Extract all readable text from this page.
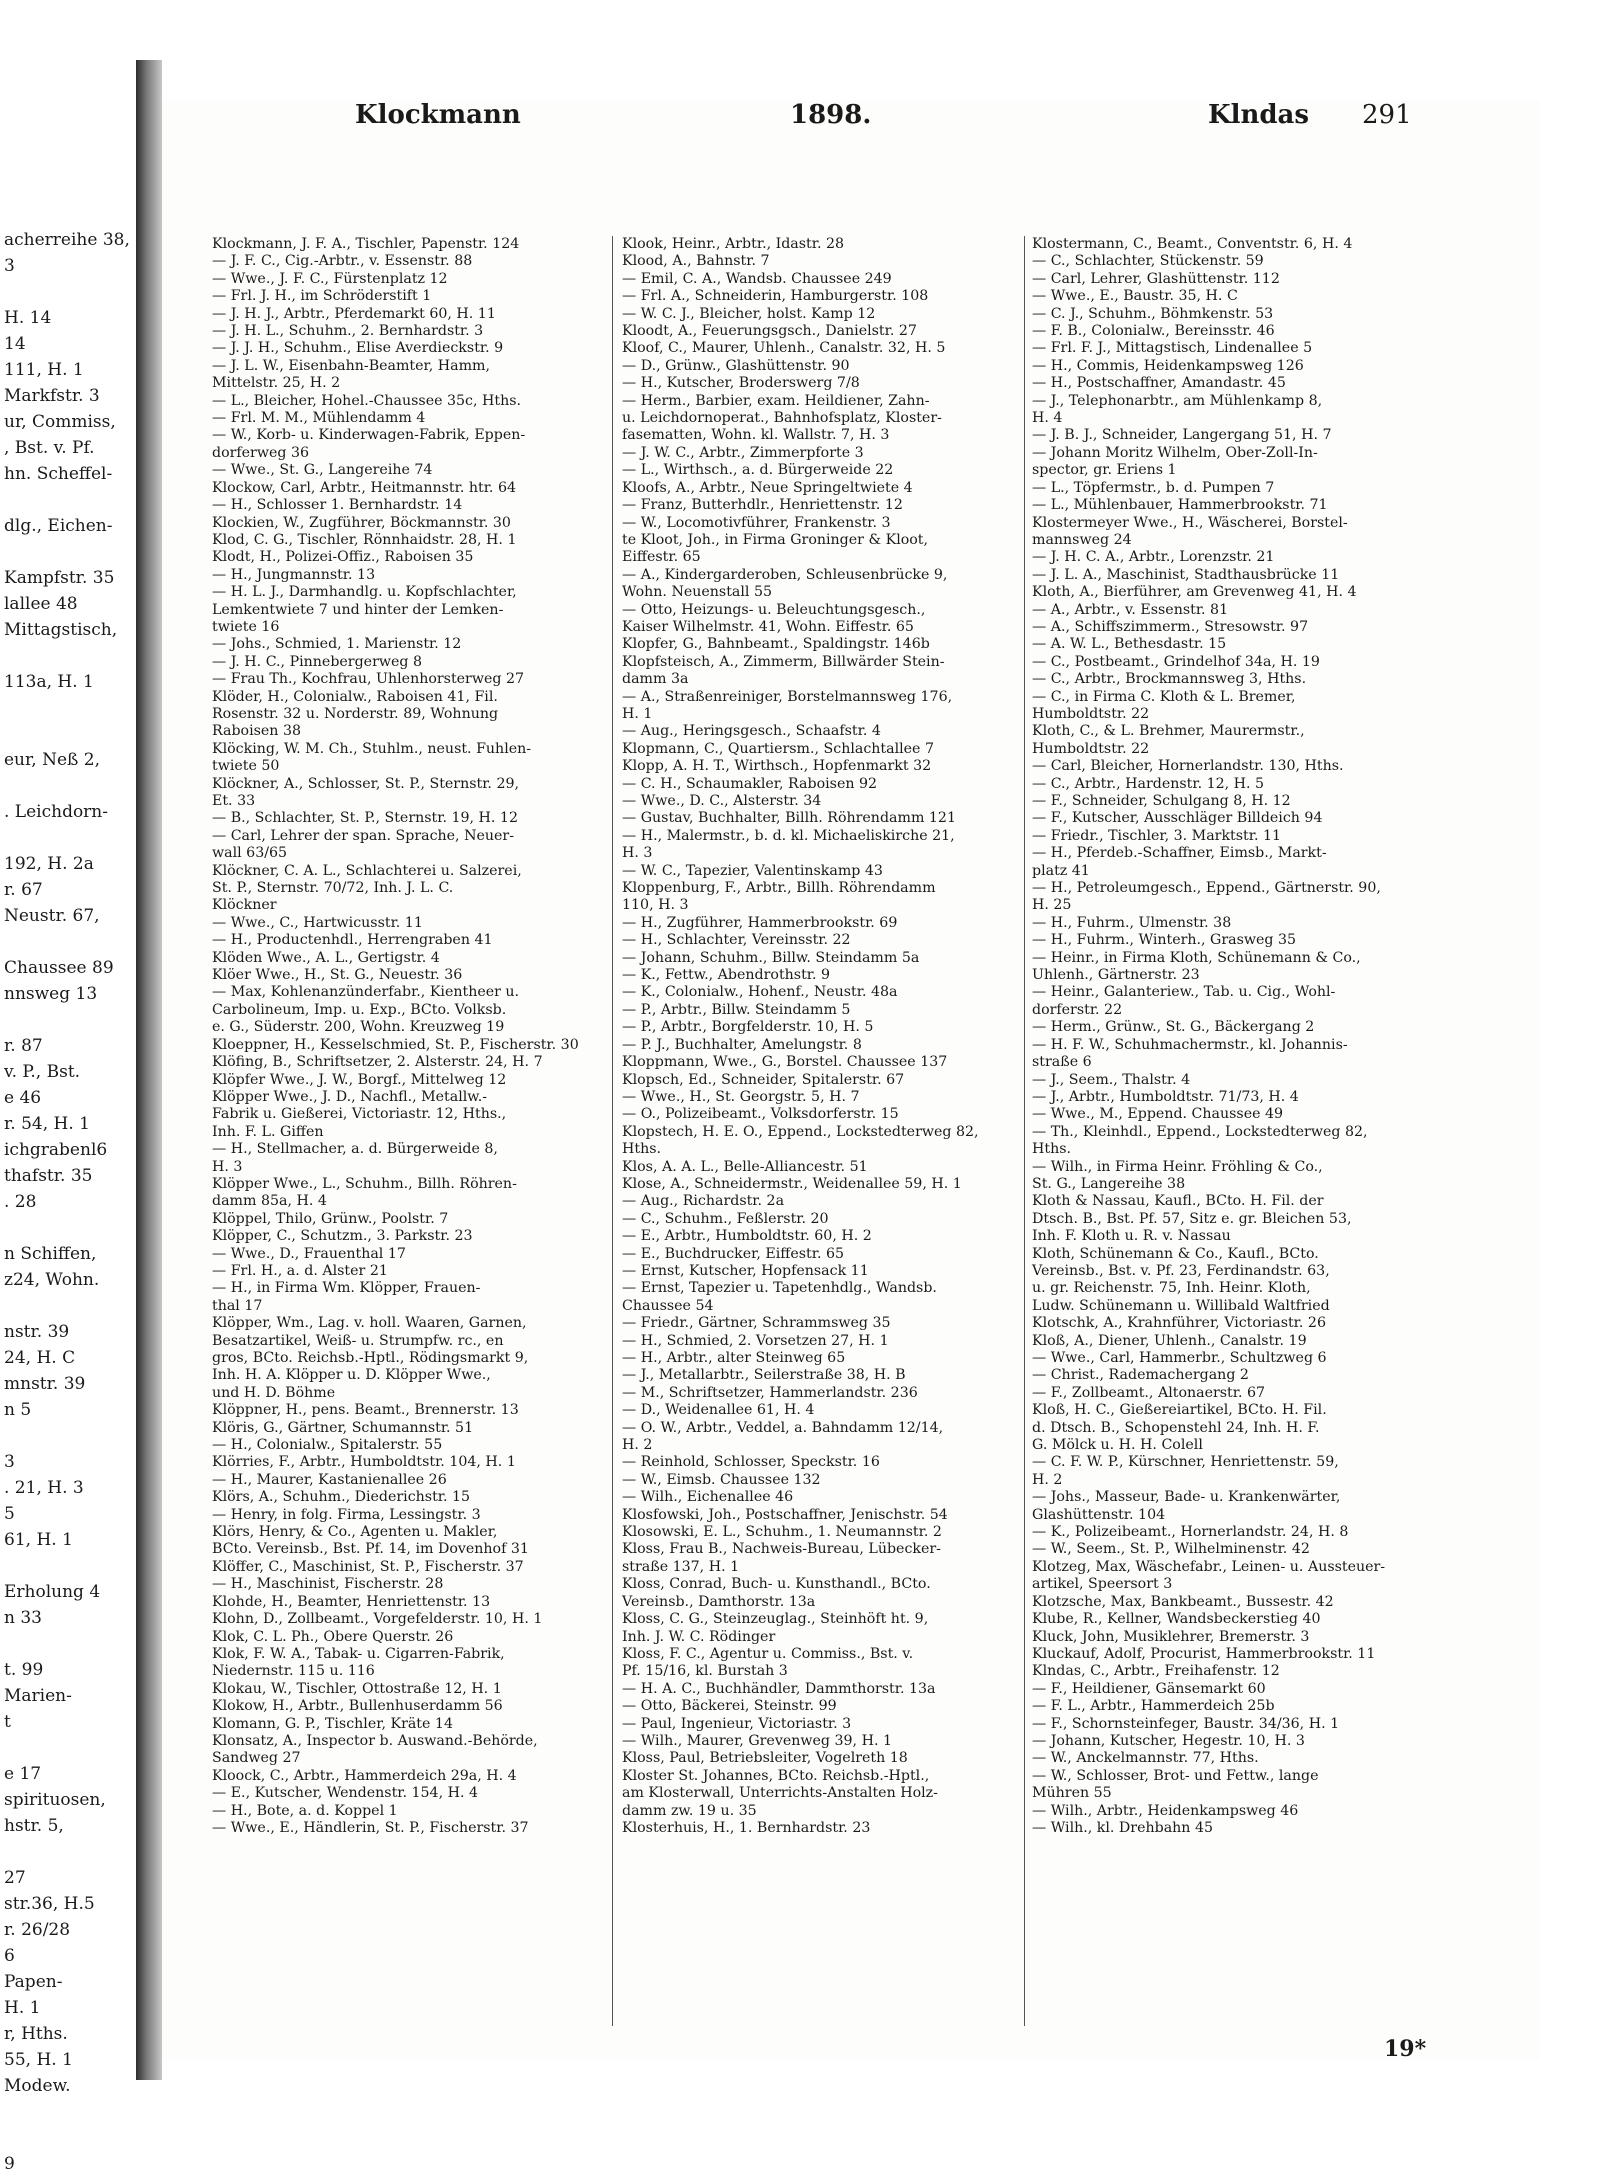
acherreihe 38,
3
H. 14
14
111, H. 1
Markfstr. 3
ur, Commiss,
, Bst. v. Pf.
hn. Scheffel-
dlg., Eichen-
Kampfstr. 35
lallee 48
Mittagstisch,
113a, H. 1
eur, Neß 2,
. Leichdorn-
192, H. 2a
r. 67
Neustr. 67,
Chaussee 89
nnsweg 13
r. 87
v. P., Bst.
e 46
r. 54, H. 1
ichgrabenl6
thafstr. 35
. 28
n Schiffen,
z24, Wohn.
nstr. 39
24, H. C
mnstr. 39
n 5
3
. 21, H. 3
5
61, H. 1
Erholung 4
n 33
t. 99
Marien-
t
e 17
spirituosen,
hstr. 5,
27
str.36, H.5
r. 26/28
6
Papen-
H. 1
r, Hths.
55, H. 1
Modew.
9
Klockmann	1898.	Klndas 291
Klockmann, J. F. A., Tischler, Papenstr. 124
— J. F. C., Cig.-Arbtr., v. Essenstr. 88
— Wwe., J. F. C., Fürstenplatz 12
— Frl. J. H., im Schröderstift 1
— J. H. J., Arbtr., Pferdemarkt 60, H. 11
— J. H. L., Schuhm., 2. Bernhardstr. 3
— J. J. H., Schuhm., Elise Averdieckstr. 9
— J. L. W., Eisenbahn-Beamter, Hamm,
Mittelstr. 25, H. 2
— L., Bleicher, Hohel.-Chaussee 35c, Hths.
— Frl. M. M., Mühlendamm 4
— W., Korb- u. Kinderwagen-Fabrik, Eppen-
dorferweg 36
— Wwe., St. G., Langereihe 74
Klockow, Carl, Arbtr., Heitmannstr. htr. 64
— H., Schlosser 1. Bernhardstr. 14
Klockien, W., Zugführer, Böckmannstr. 30
Klod, C. G., Tischler, Rönnhaidstr. 28, H. 1
Klodt, H., Polizei-Offiz., Raboisen 35
— H., Jungmannstr. 13
— H. L. J., Darmhandlg. u. Kopfschlachter,
Lemkentwiete 7 und hinter der Lemken-
twiete 16
— Johs., Schmied, 1. Marienstr. 12
— J. H. C., Pinnebergerweg 8
— Frau Th., Kochfrau, Uhlenhorsterweg 27
Klöder, H., Colonialw., Raboisen 41, Fil.
Rosenstr. 32 u. Norderstr. 89, Wohnung
Raboisen 38
Klöcking, W. M. Ch., Stuhlm., neust. Fuhlen-
twiete 50
Klöckner, A., Schlosser, St. P., Sternstr. 29,
Et. 33
— B., Schlachter, St. P., Sternstr. 19, H. 12
— Carl, Lehrer der span. Sprache, Neuer-
wall 63/65
Klöckner, C. A. L., Schlachterei u. Salzerei,
St. P., Sternstr. 70/72, Inh. J. L. C.
Klöckner
— Wwe., C., Hartwicusstr. 11
— H., Productenhdl., Herrengraben 41
Klöden Wwe., A. L., Gertigstr. 4
Klöer Wwe., H., St. G., Neuestr. 36
— Max, Kohlenanzünderfabr., Kienthеer u.
Carbolineum, Imp. u. Exp., BCto. Volksb.
e. G., Süderstr. 200, Wohn. Kreuzweg 19
Kloeppner, H., Kesselschmied, St. P., Fischerstr. 30
Klöfing, B., Schriftsetzer, 2. Alsterstr. 24, H. 7
Klöpfer Wwe., J. W., Borgf., Mittelweg 12
Klöpper Wwe., J. D., Nachfl., Metallw.-
Fabrik u. Gießerei, Victoriastr. 12, Hths.,
Inh. F. L. Giffen
— H., Stellmacher, a. d. Bürgerweide 8,
H. 3
Klöpper Wwe., L., Schuhm., Billh. Röhren-
damm 85a, H. 4
Klöppel, Thilo, Grünw., Poolstr. 7
Klöpper, C., Schutzm., 3. Parkstr. 23
— Wwe., D., Frauenthal 17
— Frl. H., a. d. Alster 21
— H., in Firma Wm. Klöpper, Frauen-
thal 17
Klöpper, Wm., Lag. v. holl. Waaren, Garnen,
Besatzartikel, Weiß- u. Strumpfw. rc., en
gros, BCto. Reichsb.-Hptl., Rödingsmarkt 9,
Inh. H. A. Klöpper u. D. Klöpper Wwe.,
und H. D. Böhme
Klöppner, H., pens. Beamt., Brennerstr. 13
Klöris, G., Gärtner, Schumannstr. 51
— H., Colonialw., Spitalerstr. 55
Klörries, F., Arbtr., Humboldtstr. 104, H. 1
— H., Maurer, Kastanienallee 26
Klörs, A., Schuhm., Diederichstr. 15
— Henry, in folg. Firma, Lessingstr. 3
Klörs, Henry, & Co., Agenten u. Makler,
BCto. Vereinsb., Bst. Pf. 14, im Dovenhof 31
Klöffer, C., Maschinist, St. P., Fischerstr. 37
— H., Maschinist, Fischerstr. 28
Klohde, H., Beamter, Henriettenstr. 13
Klohn, D., Zollbeamt., Vorgefelderstr. 10, H. 1
Klok, C. L. Ph., Obere Querstr. 26
Klok, F. W. A., Tabak- u. Cigarren-Fabrik,
Niedernstr. 115 u. 116
Klokau, W., Tischler, Ottostraße 12, H. 1
Klokow, H., Arbtr., Bullenhuserdamm 56
Klomann, G. P., Tischler, Kräte 14
Klonsatz, A., Inspector b. Auswand.-Behörde,
Sandweg 27
Kloock, C., Arbtr., Hammerdeich 29a, H. 4
— E., Kutscher, Wendenstr. 154, H. 4
— H., Bote, a. d. Koppel 1
— Wwe., E., Händlerin, St. P., Fischerstr. 37
Klook, Heinr., Arbtr., Idastr. 28
Klood, A., Bahnstr. 7
— Emil, C. A., Wandsb. Chaussee 249
— Frl. A., Schneiderin, Hamburgerstr. 108
— W. C. J., Bleicher, holst. Kamp 12
Kloodt, A., Feuerungsgsch., Danielstr. 27
Kloof, C., Maurer, Uhlenh., Canalstr. 32, H. 5
— D., Grünw., Glashüttenstr. 90
— H., Kutscher, Broderswerg 7/8
— Herm., Barbier, exam. Heildiener, Zahn-
u. Leichdornoperat., Bahnhofsplatz, Kloster-
fasematten, Wohn. kl. Wallstr. 7, H. 3
— J. W. C., Arbtr., Zimmerpforte 3
— L., Wirthsch., a. d. Bürgerweide 22
Kloofs, A., Arbtr., Neue Springeltwiete 4
— Franz, Butterhdlr., Henriettenstr. 12
— W., Locomotivführer, Frankenstr. 3
te Kloot, Joh., in Firma Groninger & Kloot,
Eiffestr. 65
— A., Kindergarderoben, Schleusenbrücke 9,
Wohn. Neuenstall 55
— Otto, Heizungs- u. Beleuchtungsgesch.,
Kaiser Wilhelmstr. 41, Wohn. Eiffestr. 65
Klopfer, G., Bahnbeamt., Spaldingstr. 146b
Klopfsteisch, A., Zimmerm, Billwärder Stein-
damm 3a
— A., Straßenreiniger, Borstelmannsweg 176,
H. 1
— Aug., Heringsgesch., Schaafstr. 4
Klopmann, C., Quartiersm., Schlachtallee 7
Klopp, A. H. T., Wirthsch., Hopfenmarkt 32
— C. H., Schaumakler, Raboisen 92
— Wwe., D. C., Alsterstr. 34
— Gustav, Buchhalter, Billh. Röhrendamm 121
— H., Malermstr., b. d. kl. Michaeliskirche 21,
H. 3
— W. C., Tapezier, Valentinskamp 43
Kloppenburg, F., Arbtr., Billh. Röhrendamm
110, H. 3
— H., Zugführer, Hammerbrookstr. 69
— H., Schlachter, Vereinsstr. 22
— Johann, Schuhm., Billw. Steindamm 5a
— K., Fettw., Abendrothstr. 9
— K., Colonialw., Hohenf., Neustr. 48a
— P., Arbtr., Billw. Steindamm 5
— P., Arbtr., Borgfelderstr. 10, H. 5
— P. J., Buchhalter, Amelungstr. 8
Kloppmann, Wwe., G., Borstel. Chaussee 137
Klopsch, Ed., Schneider, Spitalerstr. 67
— Wwe., H., St. Georgstr. 5, H. 7
— O., Polizeibeamt., Volksdorferstr. 15
Klopstech, H. E. O., Eppend., Lockstedterweg 82,
Hths.
Klos, A. A. L., Belle-Alliancestr. 51
Klose, A., Schneidermstr., Weidenallee 59, H. 1
— Aug., Richardstr. 2a
— C., Schuhm., Feßlerstr. 20
— E., Arbtr., Humboldtstr. 60, H. 2
— E., Buchdrucker, Eiffestr. 65
— Ernst, Kutscher, Hopfensack 11
— Ernst, Tapezier u. Tapetenhdlg., Wandsb.
Chaussee 54
— Friedr., Gärtner, Schrammsweg 35
— H., Schmied, 2. Vorsetzen 27, H. 1
— H., Arbtr., alter Steinweg 65
— J., Metallarbtr., Seilerstraße 38, H. B
— M., Schriftsetzer, Hammerlandstr. 236
— D., Weidenallee 61, H. 4
— O. W., Arbtr., Veddel, a. Bahndamm 12/14,
H. 2
— Reinhold, Schlosser, Speckstr. 16
— W., Eimsb. Chaussee 132
— Wilh., Eichenallee 46
Klosfowski, Joh., Postschaffner, Jenischstr. 54
Klosowski, E. L., Schuhm., 1. Neumannstr. 2
Kloss, Frau B., Nachweis-Bureau, Lübecker-
straße 137, H. 1
Kloss, Conrad, Buch- u. Kunsthandl., BCto.
Vereinsb., Damthorstr. 13a
Kloss, C. G., Steinzeuglag., Steinhöft ht. 9,
Inh. J. W. C. Rödinger
Kloss, F. C., Agentur u. Commiss., Bst. v.
Pf. 15/16, kl. Burstah 3
— H. A. C., Buchhändler, Dammthorstr. 13a
— Otto, Bäckerei, Steinstr. 99
— Paul, Ingenieur, Victoriastr. 3
— Wilh., Maurer, Grevenweg 39, H. 1
Kloss, Paul, Betriebsleiter, Vogelreth 18
Kloster St. Johannes, BCto. Reichsb.-Hptl.,
am Klosterwall, Unterrichts-Anstalten Holz-
damm zw. 19 u. 35
Klosterhuis, H., 1. Bernhardstr. 23
Klostermann, C., Beamt., Conventstr. 6, H. 4
— C., Schlachter, Stückenstr. 59
— Carl, Lehrer, Glashüttenstr. 112
— Wwe., E., Baustr. 35, H. C
— C. J., Schuhm., Böhmkenstr. 53
— F. B., Colonialw., Bereinsstr. 46
— Frl. F. J., Mittagstisch, Lindenallee 5
— H., Commis, Heidenkampsweg 126
— H., Postschaffner, Amandastr. 45
— J., Telephonarbtr., am Mühlenkamp 8,
H. 4
— J. B. J., Schneider, Langergang 51, H. 7
— Johann Moritz Wilhelm, Ober-Zoll-In-
spector, gr. Eriens 1
— L., Töpfermstr., b. d. Pumpen 7
— L., Mühlenbauer, Hammerbrookstr. 71
Klostermeyer Wwe., H., Wäscherei, Borstel-
mannsweg 24
— J. H. C. A., Arbtr., Lorenzstr. 21
— J. L. A., Maschinist, Stadthausbrücke 11
Kloth, A., Bierführer, am Grevenweg 41, H. 4
— A., Arbtr., v. Essenstr. 81
— A., Schiffszimmerm., Stresowstr. 97
— A. W. L., Bethesdastr. 15
— C., Postbeamt., Grindelhof 34a, H. 19
— C., Arbtr., Brockmannsweg 3, Hths.
— C., in Firma C. Kloth & L. Bremer,
Humboldtstr. 22
Kloth, C., & L. Brehmer, Maurermstr.,
Humboldtstr. 22
— Carl, Bleicher, Hornerlandstr. 130, Hths.
— C., Arbtr., Hardenstr. 12, H. 5
— F., Schneider, Schulgang 8, H. 12
— F., Kutscher, Ausschläger Billdeich 94
— Friedr., Tischler, 3. Marktstr. 11
— H., Pferdeb.-Schaffner, Eimsb., Markt-
platz 41
— H., Petroleumgesch., Eppend., Gärtnerstr. 90,
H. 25
— H., Fuhrm., Ulmenstr. 38
— H., Fuhrm., Winterh., Grasweg 35
— Heinr., in Firma Kloth, Schünemann & Co.,
Uhlenh., Gärtnerstr. 23
— Heinr., Galanteriew., Tab. u. Cig., Wohl-
dorferstr. 22
— Herm., Grünw., St. G., Bäckergang 2
— H. F. W., Schuhmachermstr., kl. Johannis-
straße 6
— J., Seem., Thalstr. 4
— J., Arbtr., Humboldtstr. 71/73, H. 4
— Wwe., M., Eppend. Chaussee 49
— Th., Kleinhdl., Eppend., Lockstedterweg 82,
Hths.
— Wilh., in Firma Heinr. Fröhling & Co.,
St. G., Langereihe 38
Kloth & Nassau, Kaufl., BCto. H. Fil. der
Dtsch. B., Bst. Pf. 57, Sitz e. gr. Bleichen 53,
Inh. F. Kloth u. R. v. Nassau
Kloth, Schünemann & Co., Kaufl., BCto.
Vereinsb., Bst. v. Pf. 23, Ferdinandstr. 63,
u. gr. Reichenstr. 75, Inh. Heinr. Kloth,
Ludw. Schünemann u. Willibald Waltfried
Klotschk, A., Krahnführer, Victoriastr. 26
Kloß, A., Diener, Uhlenh., Canalstr. 19
— Wwe., Carl, Hammerbr., Schultzweg 6
— Christ., Rademachergang 2
— F., Zollbeamt., Altonaerstr. 67
Kloß, H. C., Gießereiartikel, BCto. H. Fil.
d. Dtsch. B., Schopenstehl 24, Inh. H. F.
G. Mölck u. H. H. Colell
— C. F. W. P., Kürschner, Henriettenstr. 59,
H. 2
— Johs., Masseur, Bade- u. Krankenwärter,
Glashüttenstr. 104
— K., Polizeibeamt., Hornerlandstr. 24, H. 8
— W., Seem., St. P., Wilhelminenstr. 42
Klotzeg, Max, Wäschefabr., Leinen- u. Aussteuer-
artikel, Speersort 3
Klotzsche, Max, Bankbeamt., Bussestr. 42
Klube, R., Kellner, Wandsbeckerstieg 40
Kluck, John, Musiklehrer, Bremerstr. 3
Kluckauf, Adolf, Procurist, Hammerbrookstr. 11
Klndas, C., Arbtr., Freihafenstr. 12
— F., Heildiener, Gänsemarkt 60
— F. L., Arbtr., Hammerdeich 25b
— F., Schornsteinfeger, Baustr. 34/36, H. 1
— Johann, Kutscher, Hegestr. 10, H. 3
— W., Anckelmannstr. 77, Hths.
— W., Schlosser, Brot- und Fettw., lange
Mühren 55
— Wilh., Arbtr., Heidenkampsweg 46
— Wilh., kl. Drehbahn 45
19*
